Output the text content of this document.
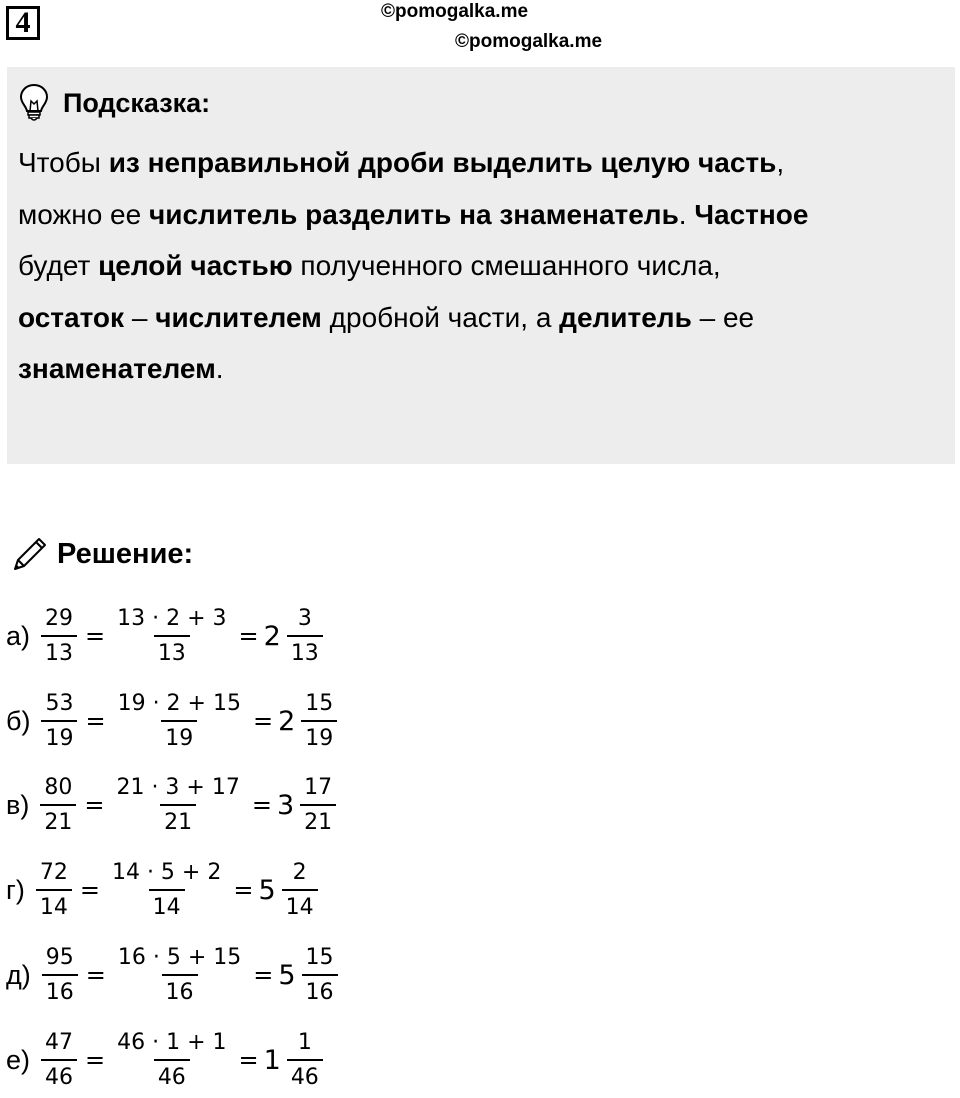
4	©pomogalka.me
©pomogalka.me
Подсказка:
Чтобы из неправильной дроби выделить целую часть,
можно ее числитель разделить на знаменатель. Частное
будет целой частью полученного смешанного числа,
остаток – числителем дробной части, а делитель – ее
знаменателем.
Решение:
$а) \frac{29}{13} = \frac{13 \cdot 2 + 3}{13} = 2 \frac{3}{13}$
$б) \frac{53}{19} = \frac{19 \cdot 2 + 15}{19} = 2 \frac{15}{19}$
$в) \frac{80}{21} = \frac{21 \cdot 3 + 17}{21} = 3 \frac{17}{21}$
$г) \frac{72}{14} = \frac{14 \cdot 5 + 2}{14} = 5 \frac{2}{14}$
$д) \frac{95}{16} = \frac{16 \cdot 5 + 15}{16} = 5 \frac{15}{16}$
$е) \frac{47}{46} = \frac{46 \cdot 1 + 1}{46} = 1 \frac{1}{46}$
